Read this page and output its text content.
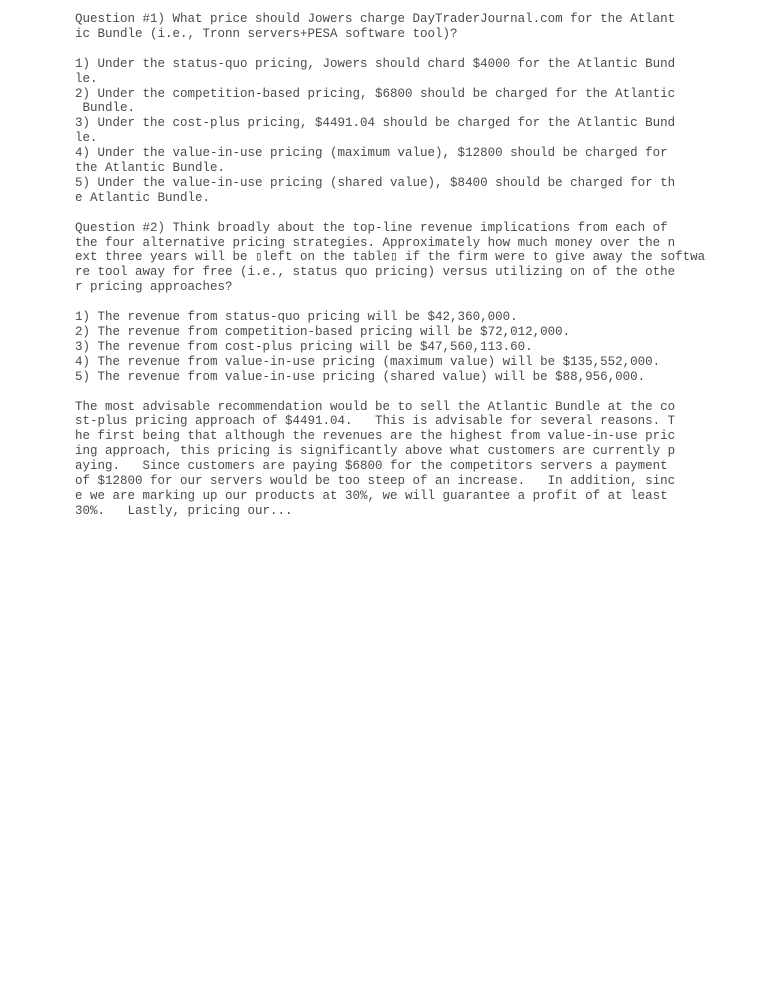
Question #1) What price should Jowers charge DayTraderJournal.com for the Atlant
ic Bundle (i.e., Tronn servers+PESA software tool)?
1) Under the status-quo pricing, Jowers should chard $4000 for the Atlantic Bund
le.
2) Under the competition-based pricing, $6800 should be charged for the Atlantic
Bundle.
3) Under the cost-plus pricing, $4491.04 should be charged for the Atlantic Bund
le.
4) Under the value-in-use pricing (maximum value), $12800 should be charged for
the Atlantic Bundle.
5) Under the value-in-use pricing (shared value), $8400 should be charged for th
e Atlantic Bundle.
Question #2) Think broadly about the top-line revenue implications from each of
the four alternative pricing strategies. Approximately how much money over the n
ext three years will be ▯left on the table▯ if the firm were to give away the softwa
re tool away for free (i.e., status quo pricing) versus utilizing on of the othe
r pricing approaches?
1) The revenue from status-quo pricing will be $42,360,000.
2) The revenue from competition-based pricing will be $72,012,000.
3) The revenue from cost-plus pricing will be $47,560,113.60.
4) The revenue from value-in-use pricing (maximum value) will be $135,552,000.
5) The revenue from value-in-use pricing (shared value) will be $88,956,000.
The most advisable recommendation would be to sell the Atlantic Bundle at the co
st-plus pricing approach of $4491.04.   This is advisable for several reasons. T
he first being that although the revenues are the highest from value-in-use pric
ing approach, this pricing is significantly above what customers are currently p
aying.   Since customers are paying $6800 for the competitors servers a payment
of $12800 for our servers would be too steep of an increase.   In addition, sinc
e we are marking up our products at 30%, we will guarantee a profit of at least
30%.   Lastly, pricing our...
